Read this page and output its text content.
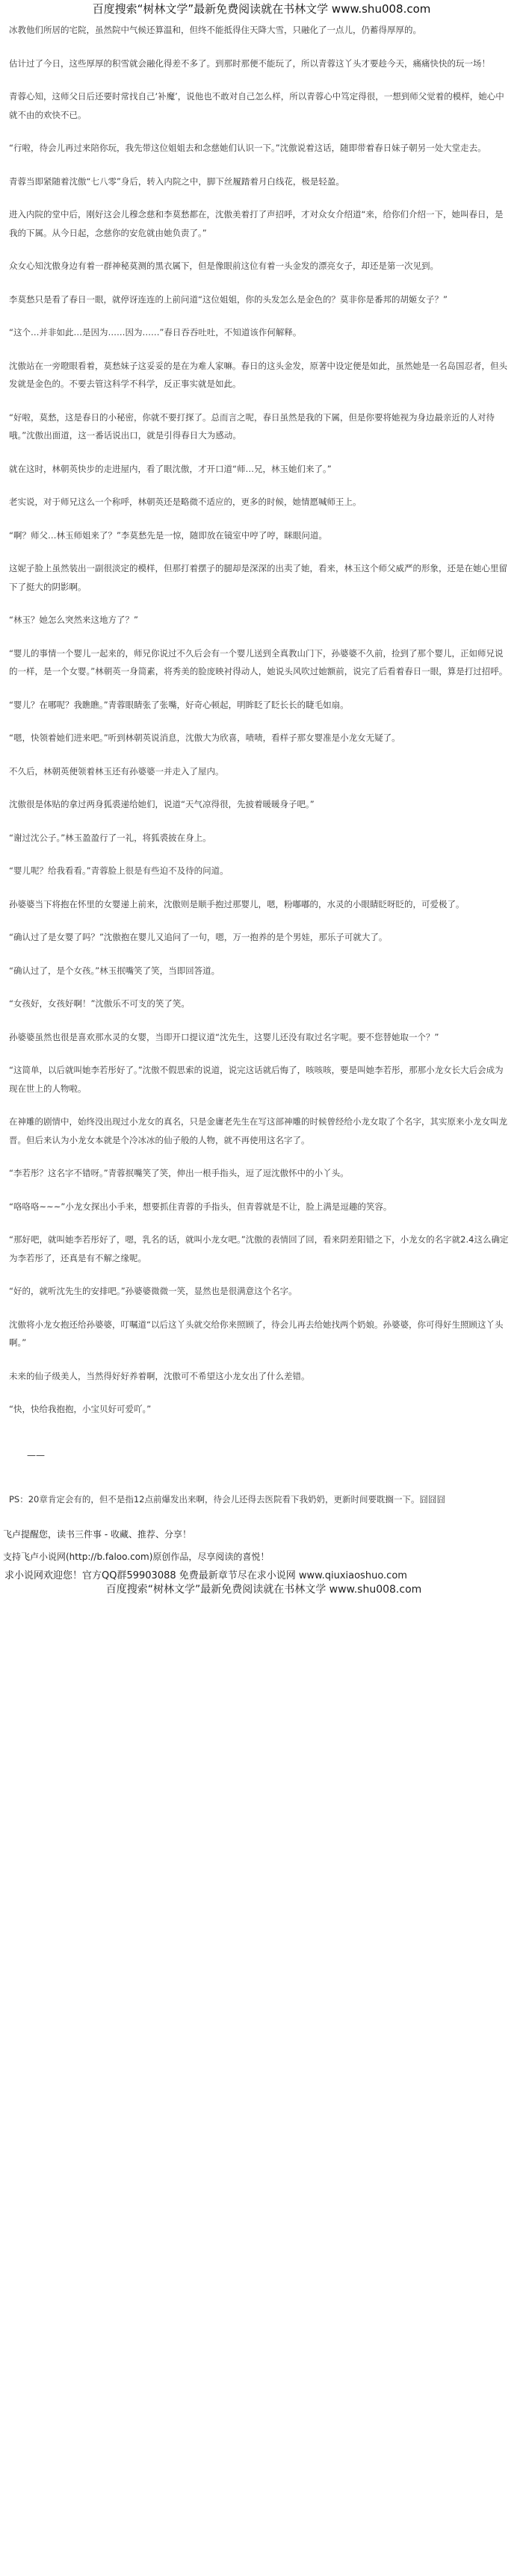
百度搜索“树林文学”最新免费阅读就在书林文学 www.shu008.com
冰教他们所居的宅院，虽然院中气候还算温和，但终不能抵得住天降大雪，只融化了一点儿，仍蓄得厚厚的。
估计过了今日，这些厚厚的积雪就会融化得差不多了。到那时那便不能玩了，所以青蓉这丫头才要趁今天，痛痛快快的玩一场！
青蓉心知，这师父日后还要时常找自己‘补魔’，说他也不敢对自己怎么样，所以青蓉心中笃定得很，一想到师父觉着的模样，她心中就不由的欢快不已。
“行啦，待会儿再过来陪你玩，我先带这位姐姐去和念慈她们认识一下。”沈傲说着这话，随即带着春日妹子朝另一处大堂走去。
青蓉当即紧随着沈傲“七八零”身后，转入内院之中，脚下丝履踏着月白线花，极是轻盈。
进入内院的堂中后，刚好这会儿穆念慈和李莫愁都在，沈傲美着打了声招呼，才对众女介绍道“来，给你们介绍一下，她叫春日，是我的下属。从今日起，念慈你的安危就由她负责了。”
众女心知沈傲身边有着一群神秘莫测的黑衣属下，但是像眼前这位有着一头金发的漂亮女子，却还是第一次见到。
李莫愁只是看了春日一眼，就停讶连连的上前问道“这位姐姐，你的头发怎么是金色的？莫非你是番邦的胡姬女子？”
“这个…并非如此…是因为……因为……”春日吞吞吐吐，不知道该作何解释。
沈傲站在一旁瞪眼看着，莫愁妹子这妥妥的是在为难人家嘛。春日的这头金发，原著中设定便是如此，虽然她是一名岛国忍者，但头发就是金色的。不要去管这科学不科学，反正事实就是如此。
“好啦，莫愁，这是春日的小秘密，你就不要打探了。总而言之呢，春日虽然是我的下属，但是你要将她视为身边最亲近的人对待哦。”沈傲出面道，这一番话说出口，就是引得春日大为感动。
就在这时，林朝英快步的走进屋内，看了眼沈傲，才开口道“师…兄，林玉她们来了。”
老实说，对于师兄这么一个称呼，林朝英还是略微不适应的，更多的时候，她情愿喊师王上。
“啊？师父…林玉师姐来了？”李莫愁先是一惊，随即放在镜室中哼了哼，眯眼问道。
这妮子脸上虽然装出一副很淡定的模样，但那打着摆子的腿却是深深的出卖了她，看来，林玉这个师父威严的形象，还是在她心里留下了挺大的阴影啊。
“林玉？她怎么突然来这地方了？”
“婴儿的事情一个婴儿一起来的，师兄你说过不久后会有一个婴儿送到全真教山门下，孙婆婆不久前，捡到了那个婴儿，正如师兄说的一样，是一个女婴。”林朝英一身简素，将秀美的脸庞映衬得动人，她说头风吹过她额前，说完了后看着春日一眼，算是打过招呼。
“婴儿？在哪呢？我瞧瞧。”青蓉眼睛张了张嘴，好奇心顿起，明眸眨了眨长长的睫毛如扇。
“嗯，快领着她们进来吧。”听到林朝英说消息，沈傲大为欣喜，啧啧，看样子那女婴准是小龙女无疑了。
不久后，林朝英便领着林玉还有孙婆婆一并走入了屋内。
沈傲很是体贴的拿过两身狐裘递给她们，说道“天气凉得很，先披着暖暖身子吧。”
“谢过沈公子。”林玉盈盈行了一礼，将狐裘披在身上。
“婴儿呢？给我看看。”青蓉脸上很是有些迫不及待的问道。
孙婆婆当下将抱在怀里的女婴递上前来，沈傲则是顺手抱过那婴儿，嗯，粉嘟嘟的，水灵的小眼睛眨呀眨的，可爱极了。
“确认过了是女婴了吗？”沈傲抱在婴儿又追问了一句，嗯，万一抱养的是个男娃，那乐子可就大了。
“确认过了，是个女孩。”林玉抿嘴笑了笑，当即回答道。
“女孩好，女孩好啊！”沈傲乐不可支的笑了笑。
孙婆婆虽然也很是喜欢那水灵的女婴，当即开口提议道“沈先生，这婴儿还没有取过名字呢。要不您替她取一个？”
“这简单，以后就叫她李若彤好了。”沈傲不假思索的说道，说完这话就后悔了，咳咳咳，要是叫她李若彤，那那小龙女长大后会成为现在世上的人物啦。
在神雕的剧情中，始终没出现过小龙女的真名，只是金庸老先生在写这部神雕的时候曾经给小龙女取了个名字，其实原来小龙女叫龙晋。但后来认为小龙女本就是个冷冰冰的仙子般的人物，就不再使用这名字了。
“李若彤？这名字不错呀。”青蓉抿嘴笑了笑，伸出一根手指头，逗了逗沈傲怀中的小丫头。
“咯咯咯~~~”小龙女探出小手来，想要抓住青蓉的手指头，但青蓉就是不让，脸上满是逗趣的笑容。
“那好吧，就叫她李若彤好了，嗯，乳名的话，就叫小龙女吧。”沈傲的表情回了回，看来阴差阳错之下，小龙女的名字就2.4这么确定为李若彤了，还真是有不解之缘呢。
“好的，就听沈先生的安排吧。”孙婆婆微微一笑，显然也是很满意这个名字。
沈傲将小龙女抱还给孙婆婆，叮嘱道“以后这丫头就交给你来照顾了，待会儿再去给她找两个奶娘。孙婆婆，你可得好生照顾这丫头啊。”
未来的仙子级美人，当然得好好养着啊，沈傲可不希望这小龙女出了什么差错。
“快，快给我抱抱，小宝贝好可爱吖。”
——
PS：20章肯定会有的，但不是指12点前爆发出来啊，待会儿还得去医院看下我奶奶，更新时间要耽搁一下。囧囧囧
飞卢提醒您，读书三件事 - 收藏、推荐、分享！
支持飞卢小说网(http://b.faloo.com)原创作品，尽享阅读的喜悦！
求小说网欢迎您！官方QQ群59903088 免费最新章节尽在求小说网 www.qiuxiaoshuo.com
百度搜索“树林文学”最新免费阅读就在书林文学 www.shu008.com
